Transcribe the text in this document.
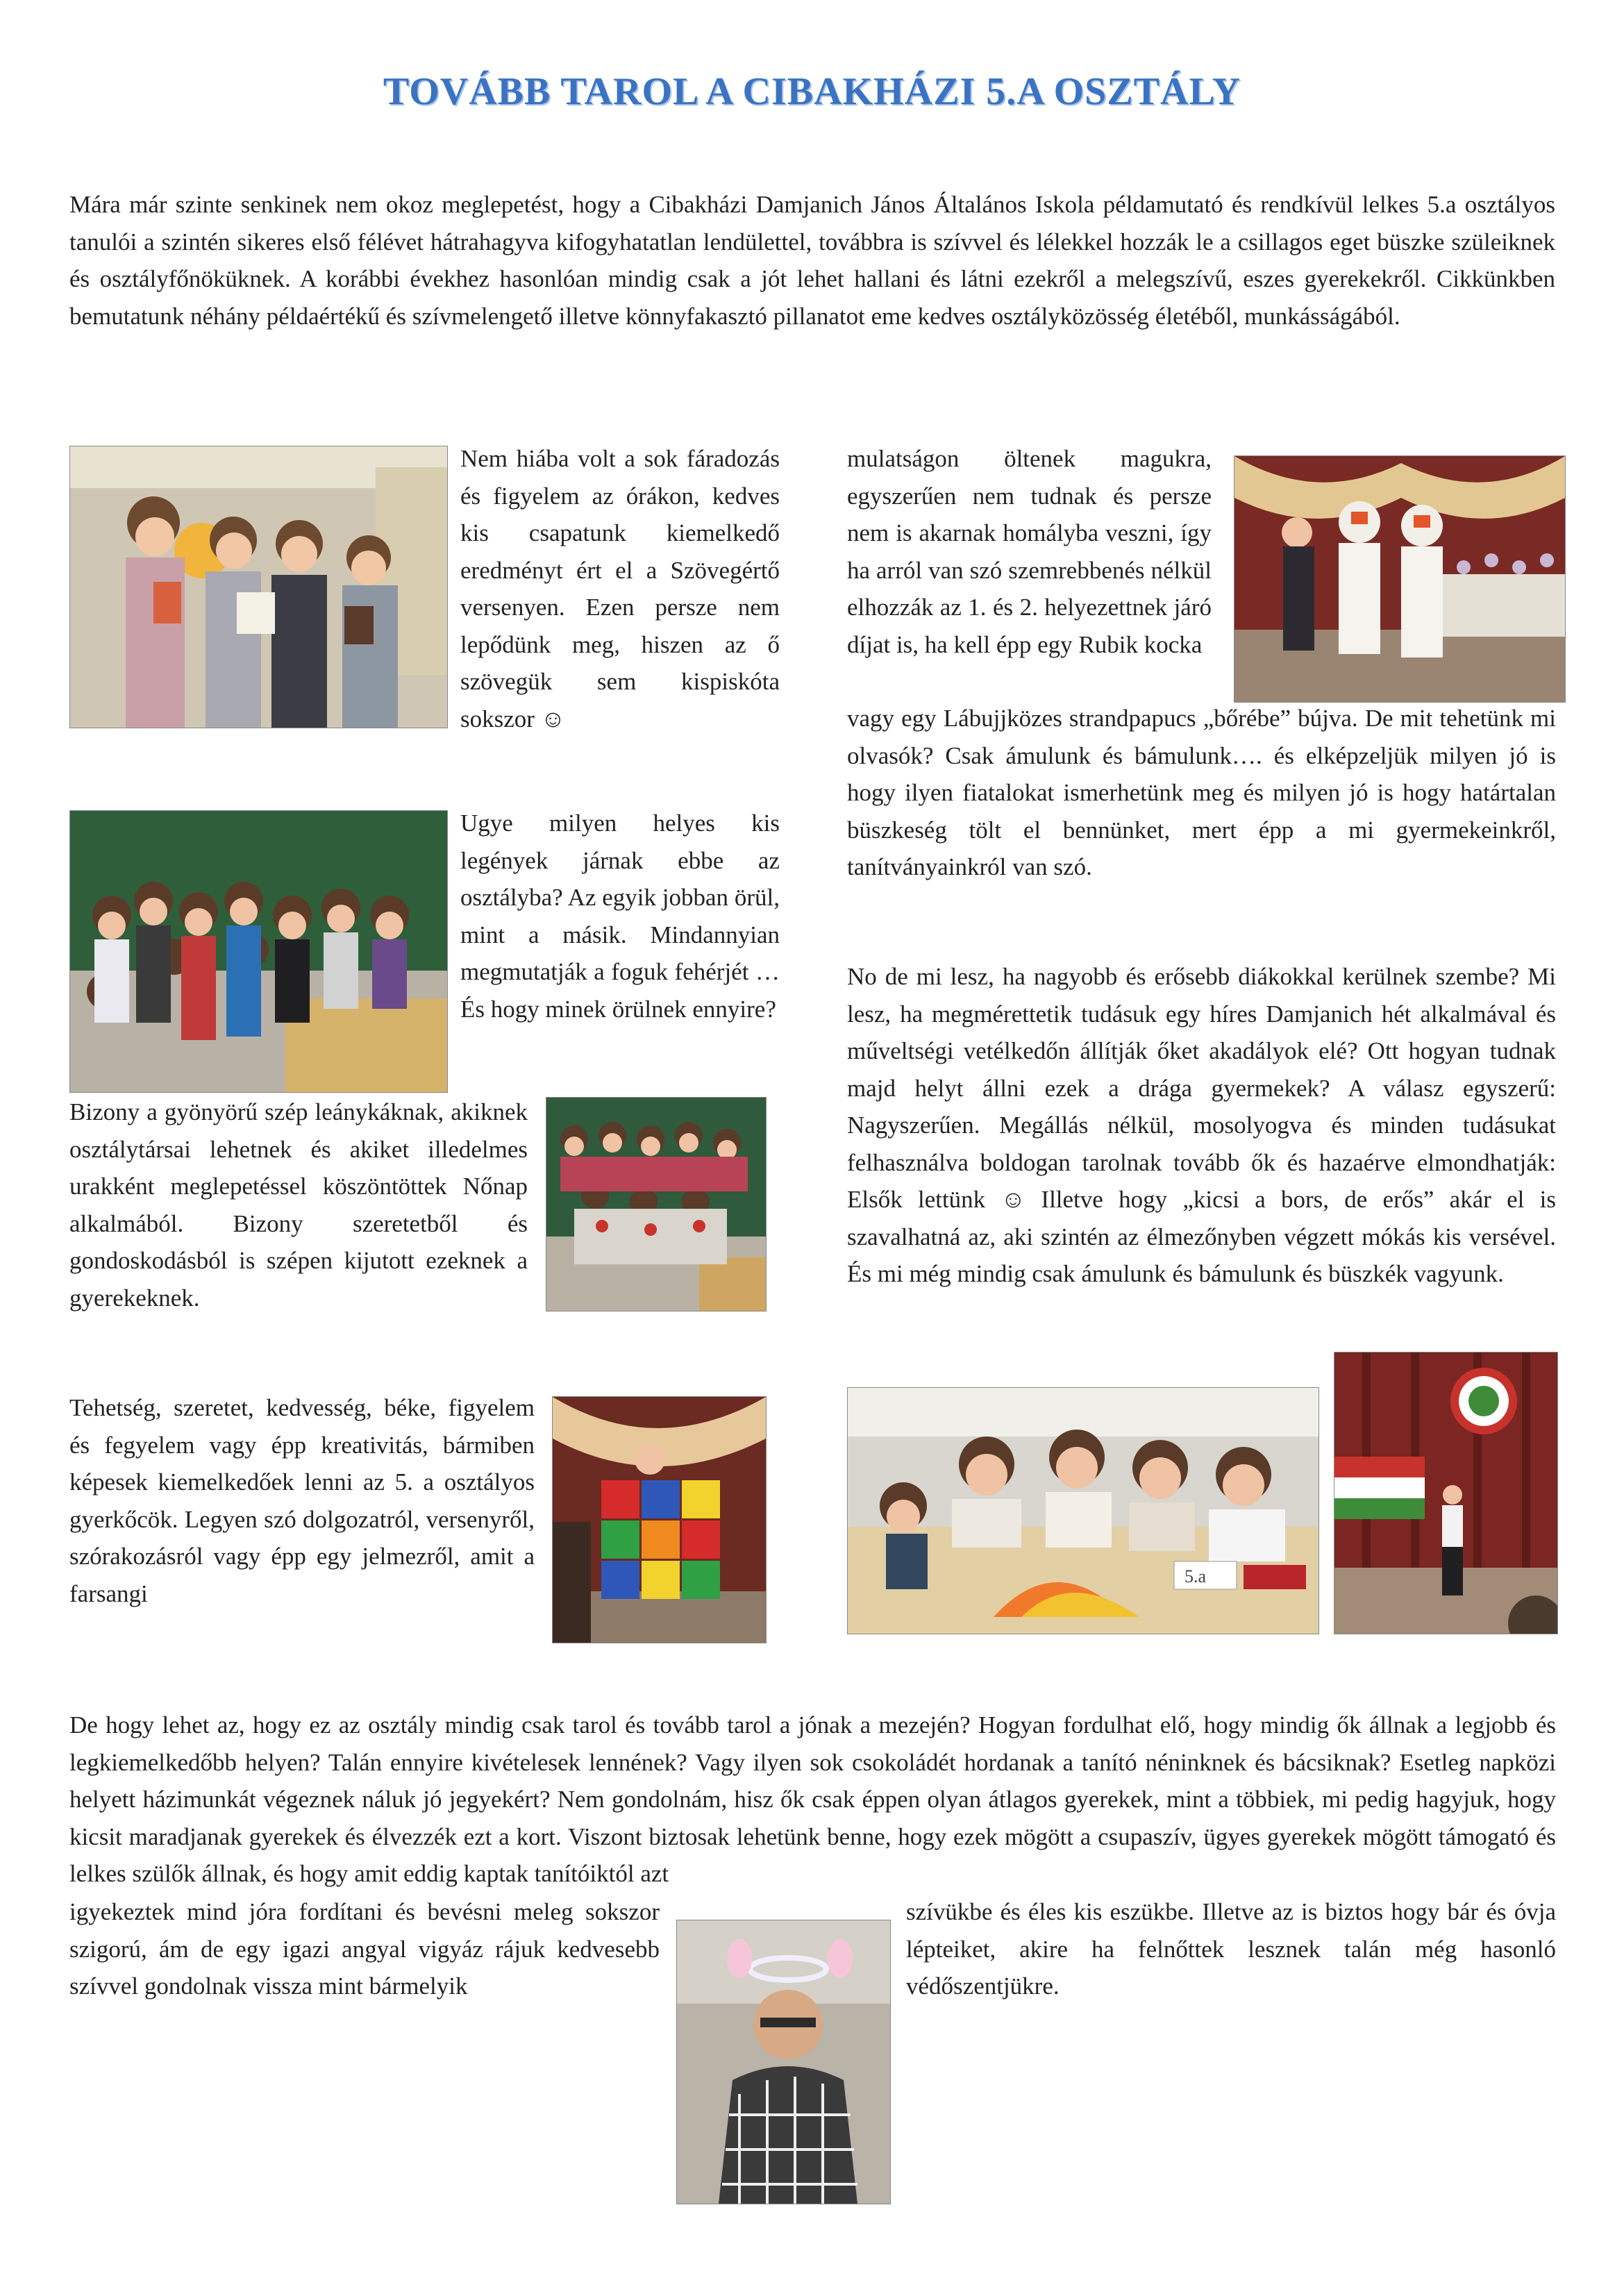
TOVÁBB TAROL A CIBAKHÁZI 5.A OSZTÁLY

Mára már szinte senkinek nem okoz meglepetést, hogy a Cibakházi Damjanich János Általános Iskola példamutató és rendkívül lelkes 5.a osztályos tanulói a szintén sikeres első félévet hátrahagyva kifogyhatatlan lendülettel, továbbra is szívvel és lélekkel hozzák le a csillagos eget büszke szüleiknek és osztályfőnöküknek. A korábbi évekhez hasonlóan mindig csak a jót lehet hallani és látni ezekről a melegszívű, eszes gyerekekről. Cikkünkben bemutatunk néhány példaértékű és szívmelengető illetve könnyfakasztó pillanatot eme kedves osztályközösség életéből, munkásságából.

Nem hiába volt a sok fáradozás és figyelem az órákon, kedves kis csapatunk kiemelkedő eredményt ért el a Szövegértő versenyen. Ezen persze nem lepődünk meg, hiszen az ő szövegük sem kispiskóta sokszor ☺

Ugye milyen helyes kis legények járnak ebbe az osztályba? Az egyik jobban örül, mint a másik. Mindannyian megmutatják a foguk fehérjét … És hogy minek örülnek ennyire?

Bizony a gyönyörű szép leánykáknak, akiknek osztálytársai lehetnek és akiket illedelmes urakként meglepetéssel köszöntöttek Nőnap alkalmából. Bizony szeretetből és gondoskodásból is szépen kijutott ezeknek a gyerekeknek.

Tehetség, szeretet, kedvesség, béke, figyelem és fegyelem vagy épp kreativitás, bármiben képesek kiemelkedőek lenni az 5. a osztályos gyerkőcök. Legyen szó dolgozatról, versenyről, szórakozásról vagy épp egy jelmezről, amit a farsangi

mulatságon öltenek magukra, egyszerűen nem tudnak és persze nem is akarnak homályba veszni, így ha arról van szó szemrebbenés nélkül elhozzák az 1. és 2. helyezettnek járó díjat is, ha kell épp egy Rubik kocka

vagy egy Lábujjközes strandpapucs „bőrébe” bújva. De mit tehetünk mi olvasók? Csak ámulunk és bámulunk…. és elképzeljük milyen jó is hogy ilyen fiatalokat ismerhetünk meg és milyen jó is hogy határtalan büszkeség tölt el bennünket, mert épp a mi gyermekeinkről, tanítványainkról van szó.

No de mi lesz, ha nagyobb és erősebb diákokkal kerülnek szembe? Mi lesz, ha megmérettetik tudásuk egy híres Damjanich hét alkalmával és műveltségi vetélkedőn állítják őket akadályok elé? Ott hogyan tudnak majd helyt állni ezek a drága gyermekek? A válasz egyszerű: Nagyszerűen. Megállás nélkül, mosolyogva és minden tudásukat felhasználva boldogan tarolnak tovább ők és hazaérve elmondhatják: Elsők lettünk ☺ Illetve hogy „kicsi a bors, de erős” akár el is szavalhatná az, aki szintén az élmezőnyben végzett mókás kis versével. És mi még mindig csak ámulunk és bámulunk és büszkék vagyunk.

5.a

De hogy lehet az, hogy ez az osztály mindig csak tarol és tovább tarol a jónak a mezején? Hogyan fordulhat elő, hogy mindig ők állnak a legjobb és legkiemelkedőbb helyen? Talán ennyire kivételesek lennének? Vagy ilyen sok csokoládét hordanak a tanító néninknek és bácsiknak? Esetleg napközi helyett házimunkát végeznek náluk jó jegyekért? Nem gondolnám, hisz ők csak éppen olyan átlagos gyerekek, mint a többiek, mi pedig hagyjuk, hogy kicsit maradjanak gyerekek és élvezzék ezt a kort. Viszont biztosak lehetünk benne, hogy ezek mögött a csupaszív, ügyes gyerekek mögött támogató és lelkes szülők állnak, és hogy amit eddig kaptak tanítóiktól azt

igyekeztek mind jóra fordítani és bevésni meleg sokszor szigorú, ám de egy igazi angyal vigyáz rájuk kedvesebb szívvel gondolnak vissza mint bármelyik

szívükbe és éles kis eszükbe. Illetve az is biztos hogy bár és óvja lépteiket, akire ha felnőttek lesznek talán még hasonló védőszentjükre.
